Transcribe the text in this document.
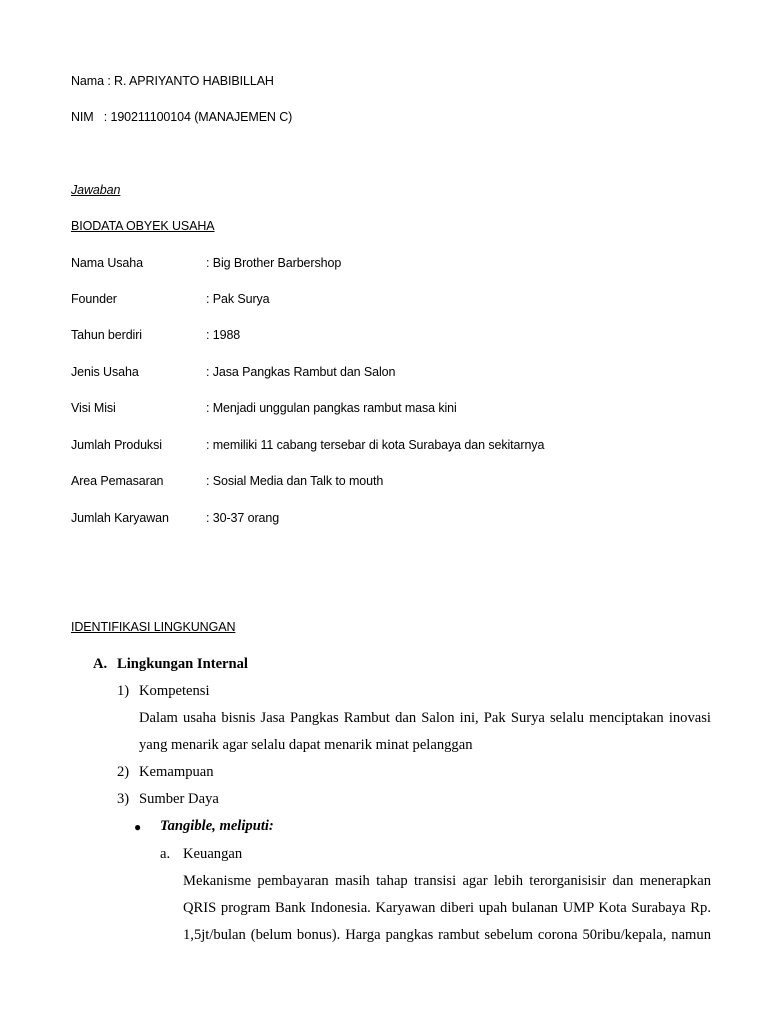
Nama : R. APRIYANTO HABIBILLAH
NIM   : 190211100104 (MANAJEMEN C)
Jawaban
BIODATA OBYEK USAHA
Nama Usaha	: Big Brother Barbershop
Founder	: Pak Surya
Tahun berdiri	: 1988
Jenis Usaha	: Jasa Pangkas Rambut dan Salon
Visi Misi	: Menjadi unggulan pangkas rambut masa kini
Jumlah Produksi	: memiliki 11 cabang tersebar di kota Surabaya dan sekitarnya
Area Pemasaran	: Sosial Media dan Talk to mouth
Jumlah Karyawan	: 30-37 orang
IDENTIFIKASI LINGKUNGAN
A. Lingkungan Internal
1) Kompetensi
Dalam usaha bisnis Jasa Pangkas Rambut dan Salon ini, Pak Surya selalu menciptakan inovasi
yang menarik agar selalu dapat menarik minat pelanggan
2) Kemampuan
3) Sumber Daya
● Tangible, meliputi:
a. Keuangan
Mekanisme pembayaran masih tahap transisi agar lebih terorganisisir dan menerapkan
QRIS program Bank Indonesia. Karyawan diberi upah bulanan UMP Kota Surabaya Rp.
1,5jt/bulan (belum bonus). Harga pangkas rambut sebelum corona 50ribu/kepala, namun
